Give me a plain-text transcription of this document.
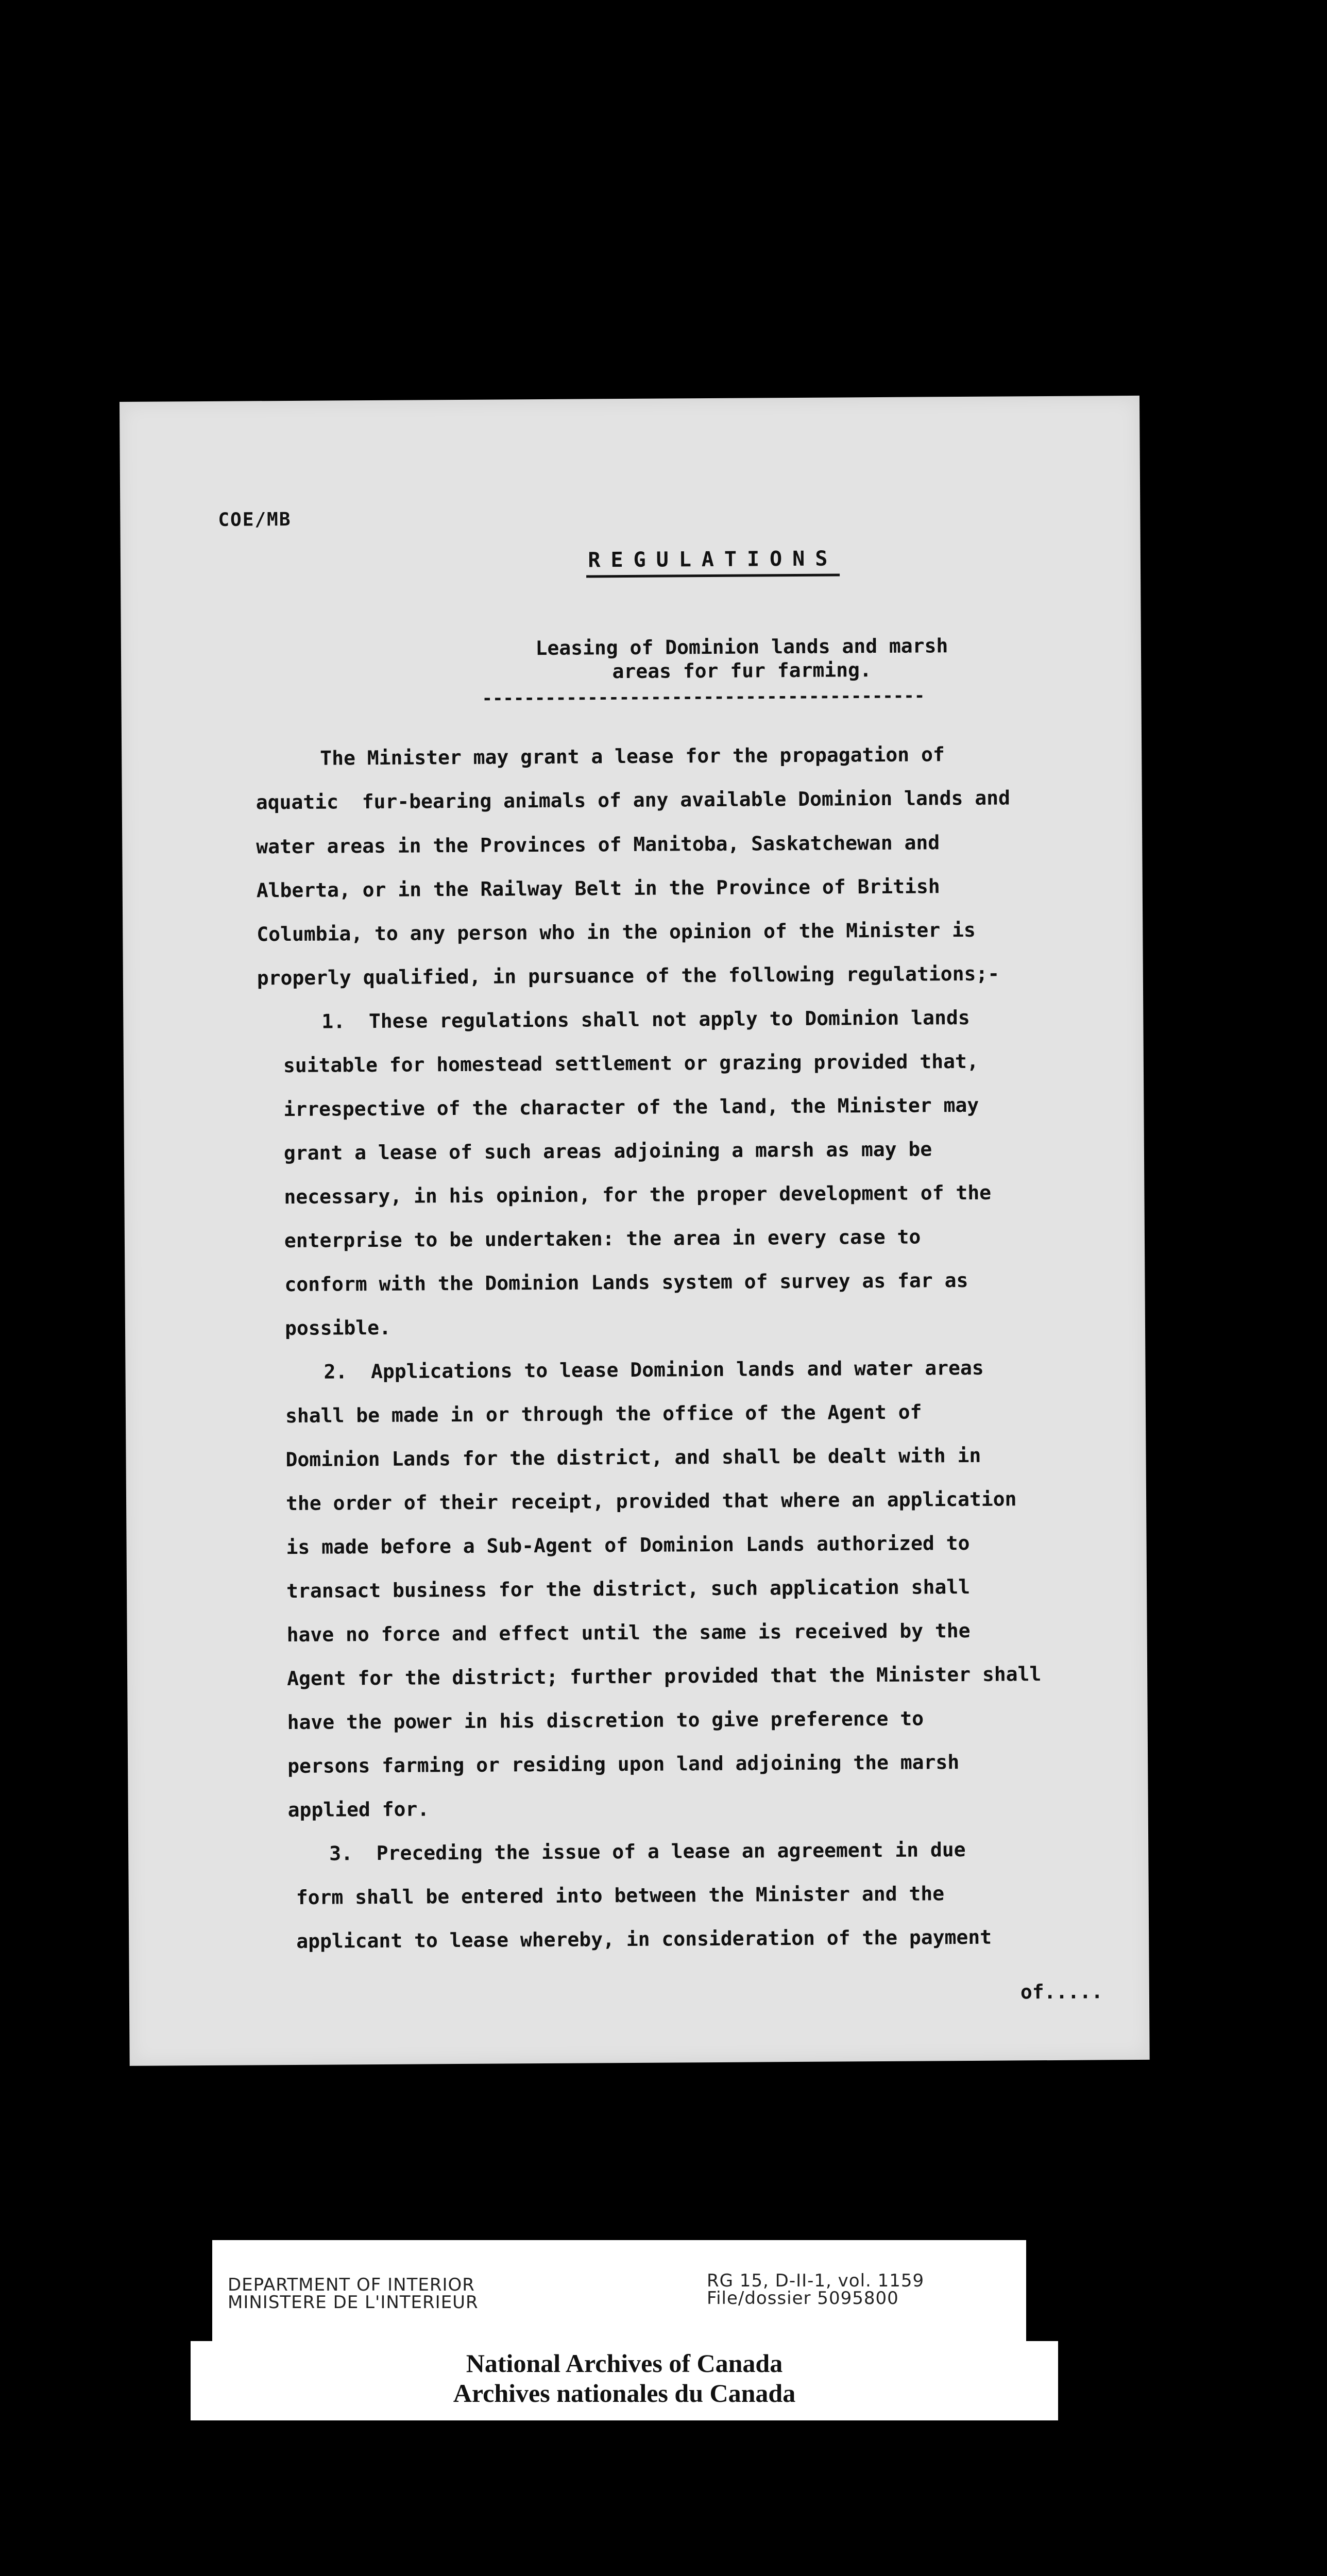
COE/MB
REGULATIONS
Leasing of Dominion lands and marsh
areas for fur farming.
------------------------------------------
The Minister may grant a lease for the propagation of
aquatic  fur-bearing animals of any available Dominion lands and
water areas in the Provinces of Manitoba, Saskatchewan and
Alberta, or in the Railway Belt in the Province of British
Columbia, to any person who in the opinion of the Minister is
properly qualified, in pursuance of the following regulations;-
1.  These regulations shall not apply to Dominion lands
suitable for homestead settlement or grazing provided that,
irrespective of the character of the land, the Minister may
grant a lease of such areas adjoining a marsh as may be
necessary, in his opinion, for the proper development of the
enterprise to be undertaken: the area in every case to
conform with the Dominion Lands system of survey as far as
possible.
2.  Applications to lease Dominion lands and water areas
shall be made in or through the office of the Agent of
Dominion Lands for the district, and shall be dealt with in
the order of their receipt, provided that where an application
is made before a Sub-Agent of Dominion Lands authorized to
transact business for the district, such application shall
have no force and effect until the same is received by the
Agent for the district; further provided that the Minister shall
have the power in his discretion to give preference to
persons farming or residing upon land adjoining the marsh
applied for.
3.  Preceding the issue of a lease an agreement in due
form shall be entered into between the Minister and the
applicant to lease whereby, in consideration of the payment
of.....
DEPARTMENT OF INTERIOR
MINISTERE DE L'INTERIEUR
RG 15, D-II-1, vol. 1159
File/dossier 5095800
National Archives of Canada
Archives nationales du Canada
